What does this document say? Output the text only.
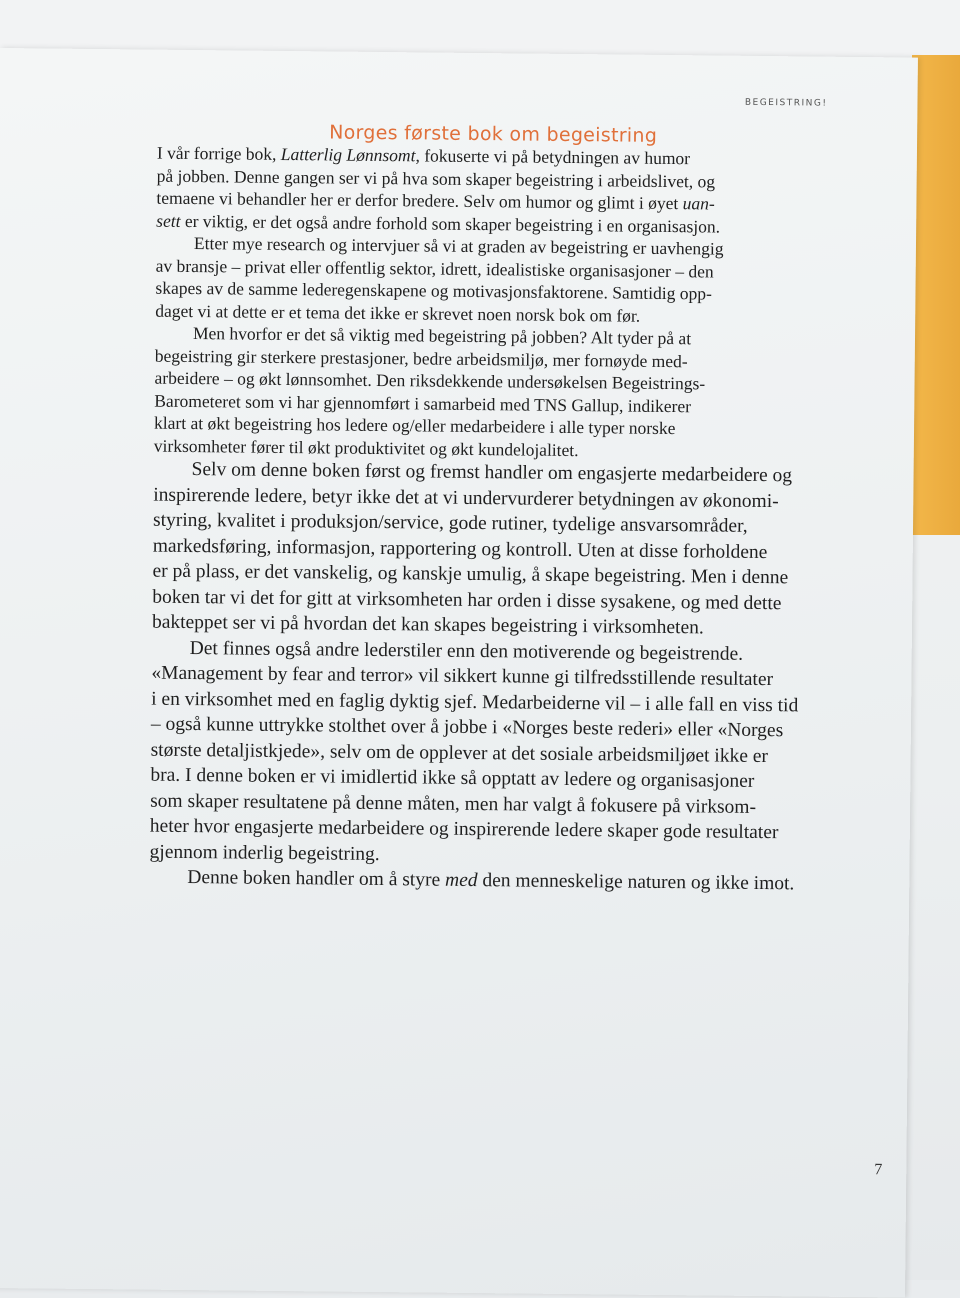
BEGEISTRING!
Norges første bok om begeistring
I vår forrige bok, Latterlig Lønnsomt, fokuserte vi på betydningen av humor
på jobben. Denne gangen ser vi på hva som skaper begeistring i arbeidslivet, og
temaene vi behandler her er derfor bredere. Selv om humor og glimt i øyet uan-
sett er viktig, er det også andre forhold som skaper begeistring i en organisasjon.
Etter mye research og intervjuer så vi at graden av begeistring er uavhengig
av bransje – privat eller offentlig sektor, idrett, idealistiske organisasjoner – den
skapes av de samme lederegenskapene og motivasjonsfaktorene. Samtidig opp-
daget vi at dette er et tema det ikke er skrevet noen norsk bok om før.
Men hvorfor er det så viktig med begeistring på jobben? Alt tyder på at
begeistring gir sterkere prestasjoner, bedre arbeidsmiljø, mer fornøyde med-
arbeidere – og økt lønnsomhet. Den riksdekkende undersøkelsen Begeistrings-
Barometeret som vi har gjennomført i samarbeid med TNS Gallup, indikerer
klart at økt begeistring hos ledere og/eller medarbeidere i alle typer norske
virksomheter fører til økt produktivitet og økt kundelojalitet.
Selv om denne boken først og fremst handler om engasjerte medarbeidere og
inspirerende ledere, betyr ikke det at vi undervurderer betydningen av økonomi-
styring, kvalitet i produksjon/service, gode rutiner, tydelige ansvarsområder,
markedsføring, informasjon, rapportering og kontroll. Uten at disse forholdene
er på plass, er det vanskelig, og kanskje umulig, å skape begeistring. Men i denne
boken tar vi det for gitt at virksomheten har orden i disse sysakene, og med dette
bakteppet ser vi på hvordan det kan skapes begeistring i virksomheten.
Det finnes også andre lederstiler enn den motiverende og begeistrende.
«Management by fear and terror» vil sikkert kunne gi tilfredsstillende resultater
i en virksomhet med en faglig dyktig sjef. Medarbeiderne vil – i alle fall en viss tid
– også kunne uttrykke stolthet over å jobbe i «Norges beste rederi» eller «Norges
største detaljistkjede», selv om de opplever at det sosiale arbeidsmiljøet ikke er
bra. I denne boken er vi imidlertid ikke så opptatt av ledere og organisasjoner
som skaper resultatene på denne måten, men har valgt å fokusere på virksom-
heter hvor engasjerte medarbeidere og inspirerende ledere skaper gode resultater
gjennom inderlig begeistring.
Denne boken handler om å styre med den menneskelige naturen og ikke imot.
7
